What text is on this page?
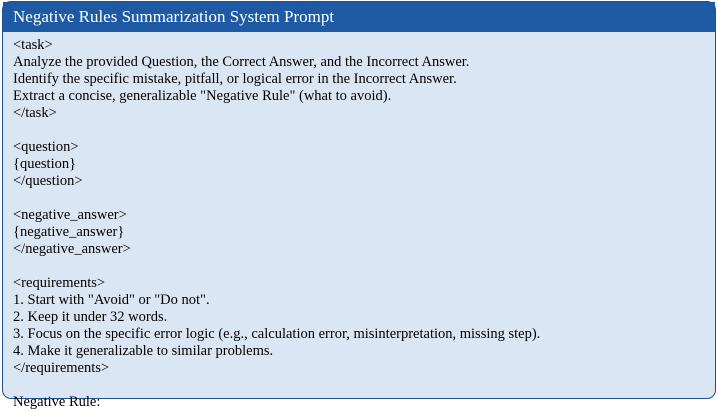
Negative Rules Summarization System Prompt
<task>
Analyze the provided Question, the Correct Answer, and the Incorrect Answer.
Identify the specific mistake, pitfall, or logical error in the Incorrect Answer.
Extract a concise, generalizable "Negative Rule" (what to avoid).
</task>
<question>
{question}
</question>
<negative_answer>
{negative_answer}
</negative_answer>
<requirements>
1. Start with "Avoid" or "Do not".
2. Keep it under 32 words.
3. Focus on the specific error logic (e.g., calculation error, misinterpretation, missing step).
4. Make it generalizable to similar problems.
</requirements>
Negative Rule:
